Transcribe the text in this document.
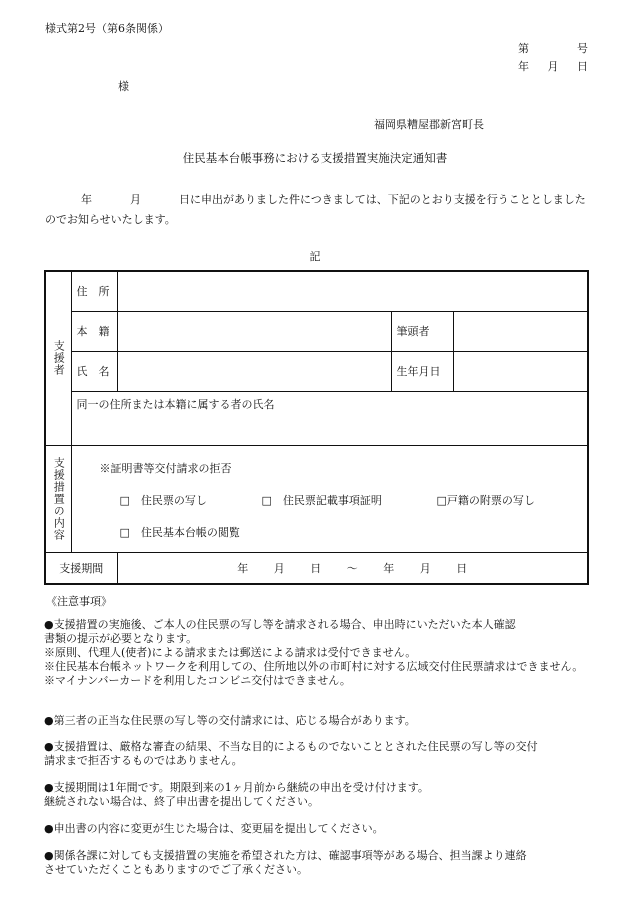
様式第2号（第6条関係）
第	号
年 月 日
様
福岡県糟屋郡新宮町長
住民基本台帳事務における支援措置実施決定通知書
年	月	日に申出がありました件につきましては、下記のとおり支援を行うこととしましたのでお知らせいたします。
記
支援者	住　所			
	本　籍		筆頭者	
	氏　名		生年月日	
	同一の住所または本籍に属する者の氏名			
支援措置の内容	※証明書等交付請求の拒否
□　住民票の写し □　住民票記載事項証明 □戸籍の附票の写し
□　住民基本台帳の閲覧			

支援期間		年 月 日 〜 年 月 日		
《注意事項》

●支援措置の実施後、ご本人の住民票の写し等を請求される場合、申出時にいただいた本人確認

書類の提示が必要となります。

※原則、代理人(使者)による請求または郵送による請求は受付できません。

※住民基本台帳ネットワークを利用しての、住所地以外の市町村に対する広域交付住民票請求はできません。

※マイナンバーカードを利用したコンビニ交付はできません。

●第三者の正当な住民票の写し等の交付請求には、応じる場合があります。

●支援措置は、厳格な審査の結果、不当な目的によるものでないこととされた住民票の写し等の交付

請求まで拒否するものではありません。

●支援期間は1年間です。期限到来の1ヶ月前から継続の申出を受け付けます。

継続されない場合は、終了申出書を提出してください。

●申出書の内容に変更が生じた場合は、変更届を提出してください。

●関係各課に対しても支援措置の実施を希望された方は、確認事項等がある場合、担当課より連絡

させていただくこともありますのでご了承ください。
